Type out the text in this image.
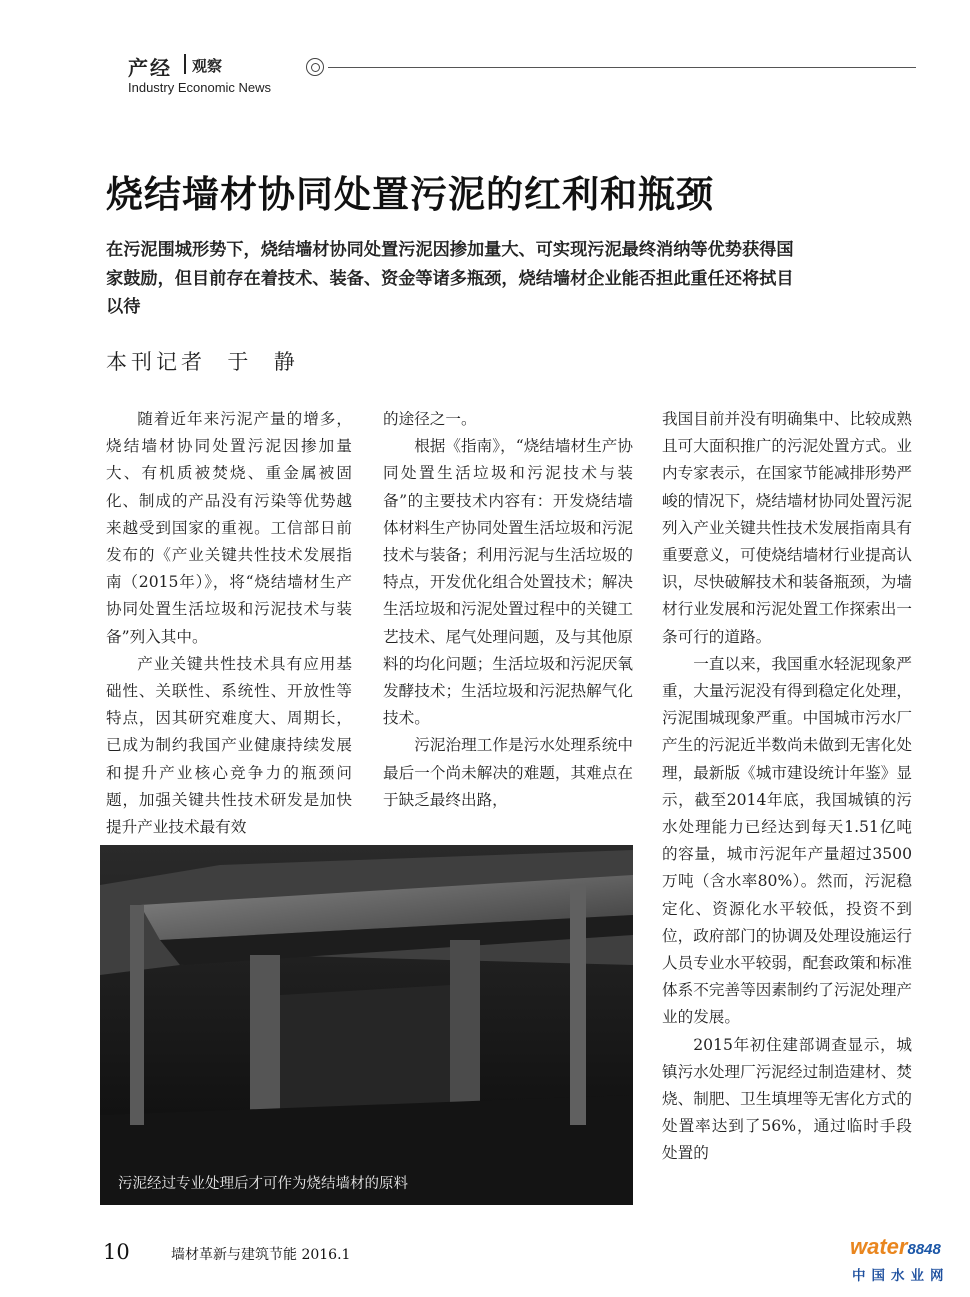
产经 观察
Industry Economic News
烧结墙材协同处置污泥的红利和瓶颈

在污泥围城形势下，烧结墙材协同处置污泥因掺加量大、可实现污泥最终消纳等优势获得国家鼓励，但目前存在着技术、装备、资金等诸多瓶颈，烧结墙材企业能否担此重任还将拭目以待

本刊记者  于  静

随着近年来污泥产量的增多，烧结墙材协同处置污泥因掺加量大、有机质被焚烧、重金属被固化、制成的产品没有污染等优势越来越受到国家的重视。工信部日前发布的《产业关键共性技术发展指南（2015年）》，将“烧结墙材生产协同处置生活垃圾和污泥技术与装备”列入其中。

产业关键共性技术具有应用基础性、关联性、系统性、开放性等特点，因其研究难度大、周期长，已成为制约我国产业健康持续发展和提升产业核心竞争力的瓶颈问题，加强关键共性技术研发是加快提升产业技术最有效

的途径之一。

根据《指南》，“烧结墙材生产协同处置生活垃圾和污泥技术与装备”的主要技术内容有：开发烧结墙体材料生产协同处置生活垃圾和污泥技术与装备；利用污泥与生活垃圾的特点，开发优化组合处置技术；解决生活垃圾和污泥处置过程中的关键工艺技术、尾气处理问题，及与其他原料的均化问题；生活垃圾和污泥厌氧发酵技术；生活垃圾和污泥热解气化技术。

污泥治理工作是污水处理系统中最后一个尚未解决的难题，其难点在于缺乏最终出路，

我国目前并没有明确集中、比较成熟且可大面积推广的污泥处置方式。业内专家表示，在国家节能减排形势严峻的情况下，烧结墙材协同处置污泥列入产业关键共性技术发展指南具有重要意义，可使烧结墙材行业提高认识，尽快破解技术和装备瓶颈，为墙材行业发展和污泥处置工作探索出一条可行的道路。

一直以来，我国重水轻泥现象严重，大量污泥没有得到稳定化处理，污泥围城现象严重。中国城市污水厂产生的污泥近半数尚未做到无害化处理，最新版《城市建设统计年鉴》显示，截至2014年底，我国城镇的污水处理能力已经达到每天1.51亿吨的容量，城市污泥年产量超过3500万吨（含水率80%）。然而，污泥稳定化、资源化水平较低，投资不到位，政府部门的协调及处理设施运行人员专业水平较弱，配套政策和标准体系不完善等因素制约了污泥处理产业的发展。

2015年初住建部调查显示，城镇污水处理厂污泥经过制造建材、焚烧、制肥、卫生填埋等无害化方式的处置率达到了56%，通过临时手段处置的

污泥经过专业处理后才可作为烧结墙材的原料
10	墙材革新与建筑节能 2016.1	water8848
中国水业网
